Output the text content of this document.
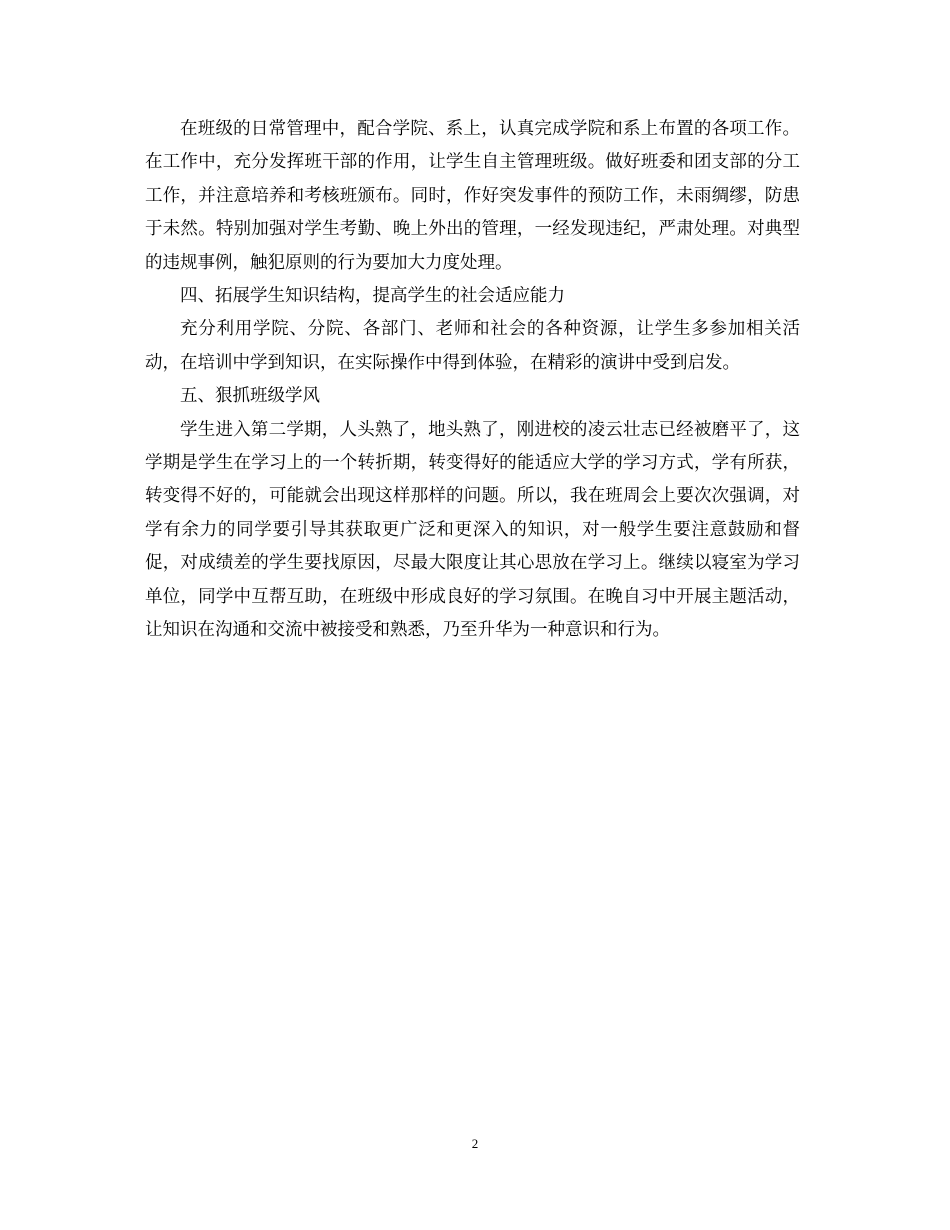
在班级的日常管理中，配合学院、系上，认真完成学院和系上布置的各项工作。在工作中，充分发挥班干部的作用，让学生自主管理班级。做好班委和团支部的分工工作，并注意培养和考核班颁布。同时，作好突发事件的预防工作，未雨绸缪，防患于未然。特别加强对学生考勤、晚上外出的管理，一经发现违纪，严肃处理。对典型的违规事例，触犯原则的行为要加大力度处理。

四、拓展学生知识结构，提高学生的社会适应能力

充分利用学院、分院、各部门、老师和社会的各种资源，让学生多参加相关活动，在培训中学到知识，在实际操作中得到体验，在精彩的演讲中受到启发。

五、狠抓班级学风

学生进入第二学期，人头熟了，地头熟了，刚进校的凌云壮志已经被磨平了，这学期是学生在学习上的一个转折期，转变得好的能适应大学的学习方式，学有所获，转变得不好的，可能就会出现这样那样的问题。所以，我在班周会上要次次强调，对学有余力的同学要引导其获取更广泛和更深入的知识，对一般学生要注意鼓励和督促，对成绩差的学生要找原因，尽最大限度让其心思放在学习上。继续以寝室为学习单位，同学中互帮互助，在班级中形成良好的学习氛围。在晚自习中开展主题活动，让知识在沟通和交流中被接受和熟悉，乃至升华为一种意识和行为。

2
